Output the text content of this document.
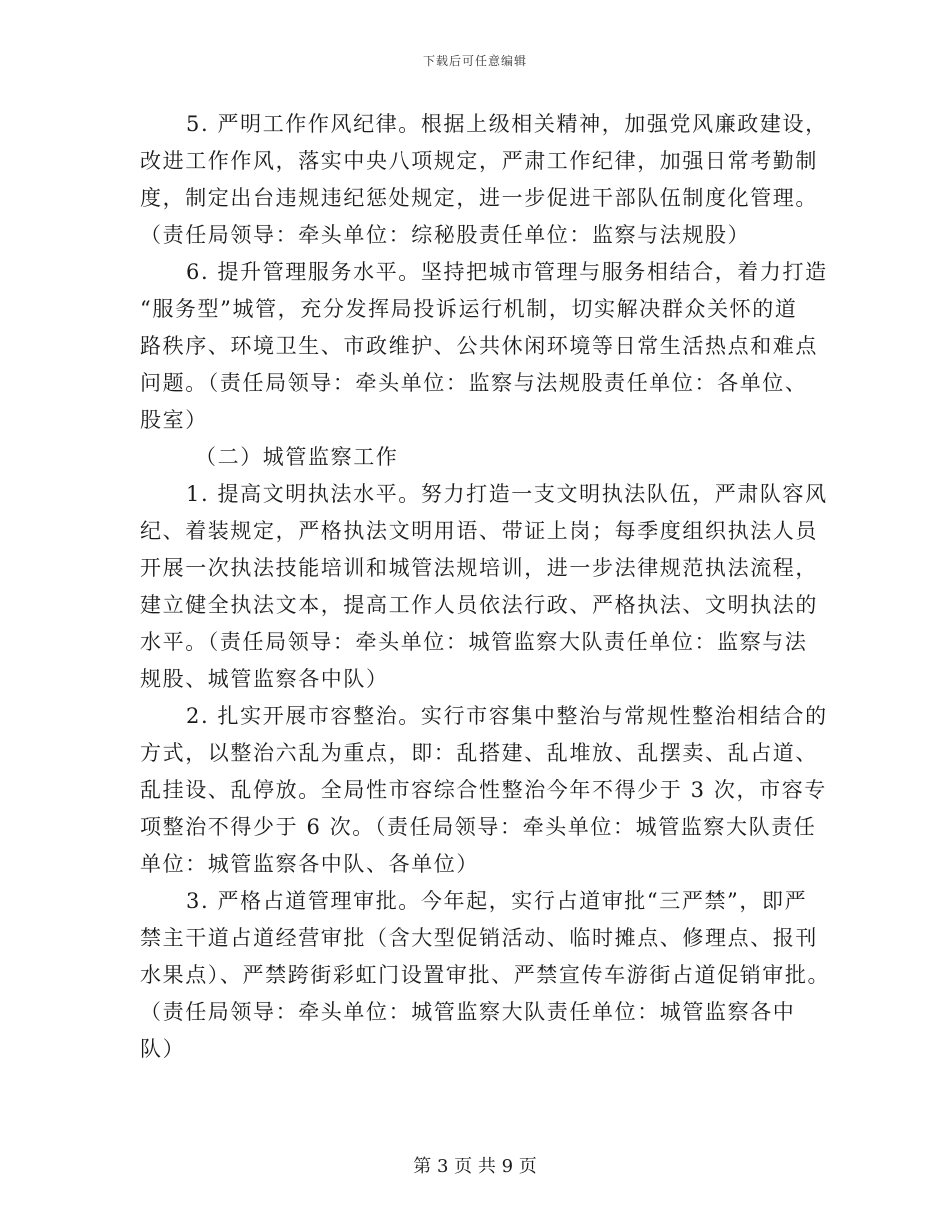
下载后可任意编辑
5. 严明工作作风纪律。根据上级相关精神，加强党风廉政建设，
改进工作作风，落实中央八项规定，严肃工作纪律，加强日常考勤制
度，制定出台违规违纪惩处规定，进一步促进干部队伍制度化管理。
（责任局领导：牵头单位：综秘股责任单位：监察与法规股）
6. 提升管理服务水平。坚持把城市管理与服务相结合，着力打造
“服务型”城管，充分发挥局投诉运行机制，切实解决群众关怀的道
路秩序、环境卫生、市政维护、公共休闲环境等日常生活热点和难点
问题。（责任局领导：牵头单位：监察与法规股责任单位：各单位、
股室）
（二）城管监察工作
1. 提高文明执法水平。努力打造一支文明执法队伍，严肃队容风
纪、着装规定，严格执法文明用语、带证上岗；每季度组织执法人员
开展一次执法技能培训和城管法规培训，进一步法律规范执法流程，
建立健全执法文本，提高工作人员依法行政、严格执法、文明执法的
水平。（责任局领导：牵头单位：城管监察大队责任单位：监察与法
规股、城管监察各中队）
2. 扎实开展市容整治。实行市容集中整治与常规性整治相结合的
方式，以整治六乱为重点，即：乱搭建、乱堆放、乱摆卖、乱占道、
乱挂设、乱停放。全局性市容综合性整治今年不得少于 3 次，市容专
项整治不得少于 6 次。（责任局领导：牵头单位：城管监察大队责任
单位：城管监察各中队、各单位）
3. 严格占道管理审批。今年起，实行占道审批“三严禁”，即严
禁主干道占道经营审批（含大型促销活动、临时摊点、修理点、报刊
水果点）、严禁跨街彩虹门设置审批、严禁宣传车游街占道促销审批。
（责任局领导：牵头单位：城管监察大队责任单位：城管监察各中
队）
第 3 页 共 9 页
